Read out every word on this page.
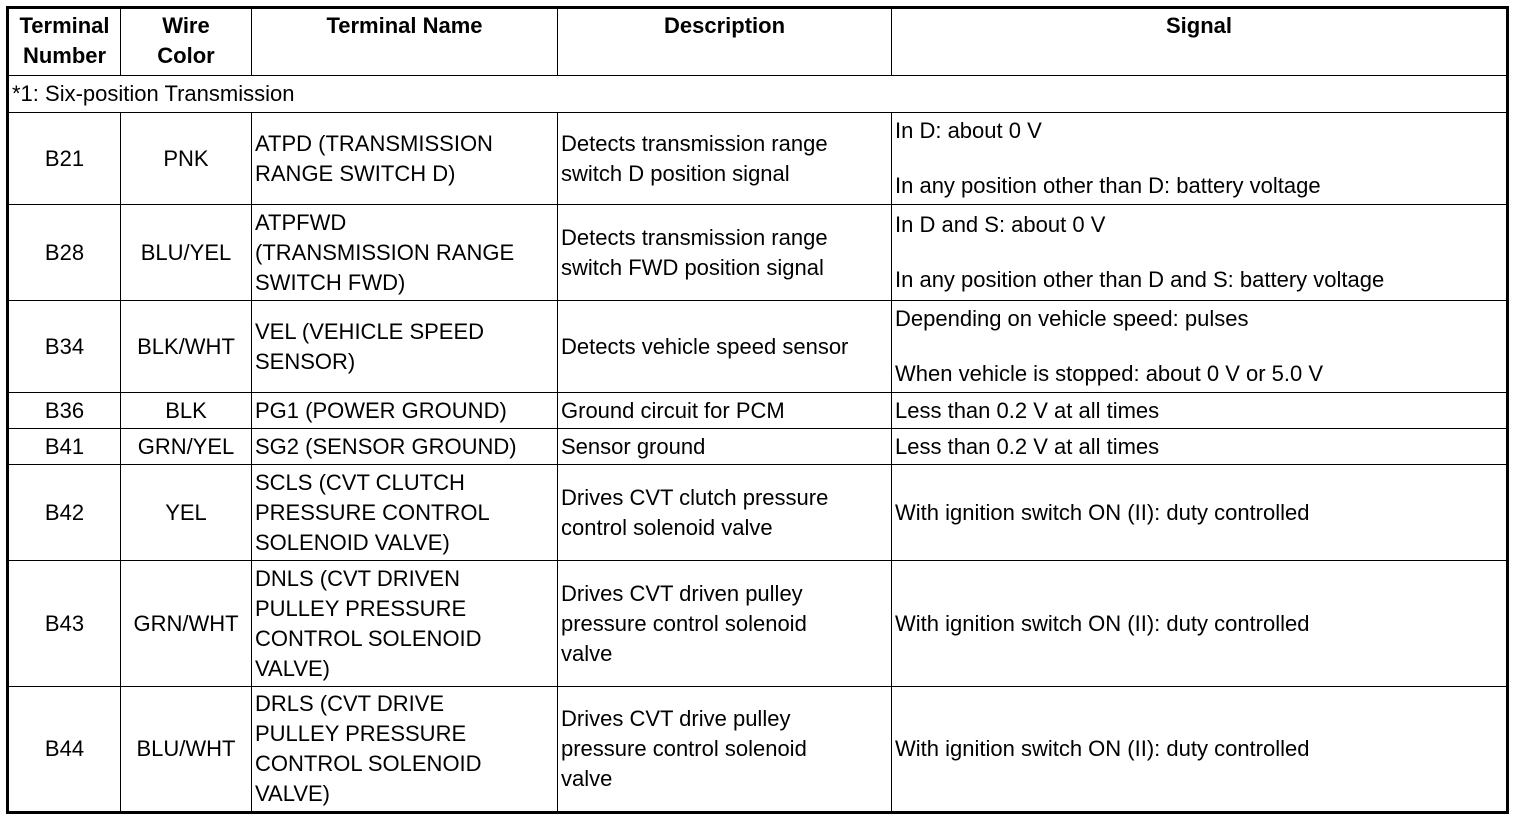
Terminal
Number	Wire
Color	Terminal Name	Description	Signal
*1: Six-position Transmission				
B21	PNK	ATPD (TRANSMISSION
RANGE SWITCH D)	Detects transmission range
switch D position signal	In D: about 0 V
In any position other than D: battery voltage

B28	BLU/YEL	ATPFWD
(TRANSMISSION RANGE
SWITCH FWD)	Detects transmission range
switch FWD position signal	In D and S: about 0 V
In any position other than D and S: battery voltage

B34	BLK/WHT	VEL (VEHICLE SPEED
SENSOR)	Detects vehicle speed sensor	Depending on vehicle speed: pulses
When vehicle is stopped: about 0 V or 5.0 V

B36	BLK	PG1 (POWER GROUND)	Ground circuit for PCM	Less than 0.2 V at all times

B41	GRN/YEL	SG2 (SENSOR GROUND)	Sensor ground	Less than 0.2 V at all times

B42	YEL	SCLS (CVT CLUTCH
PRESSURE CONTROL
SOLENOID VALVE)	Drives CVT clutch pressure
control solenoid valve	With ignition switch ON (II): duty controlled

B43	GRN/WHT	DNLS (CVT DRIVEN
PULLEY PRESSURE
CONTROL SOLENOID
VALVE)	Drives CVT driven pulley
pressure control solenoid
valve	With ignition switch ON (II): duty controlled

B44	BLU/WHT	DRLS (CVT DRIVE
PULLEY PRESSURE
CONTROL SOLENOID
VALVE)	Drives CVT drive pulley
pressure control solenoid
valve	With ignition switch ON (II): duty controlled
